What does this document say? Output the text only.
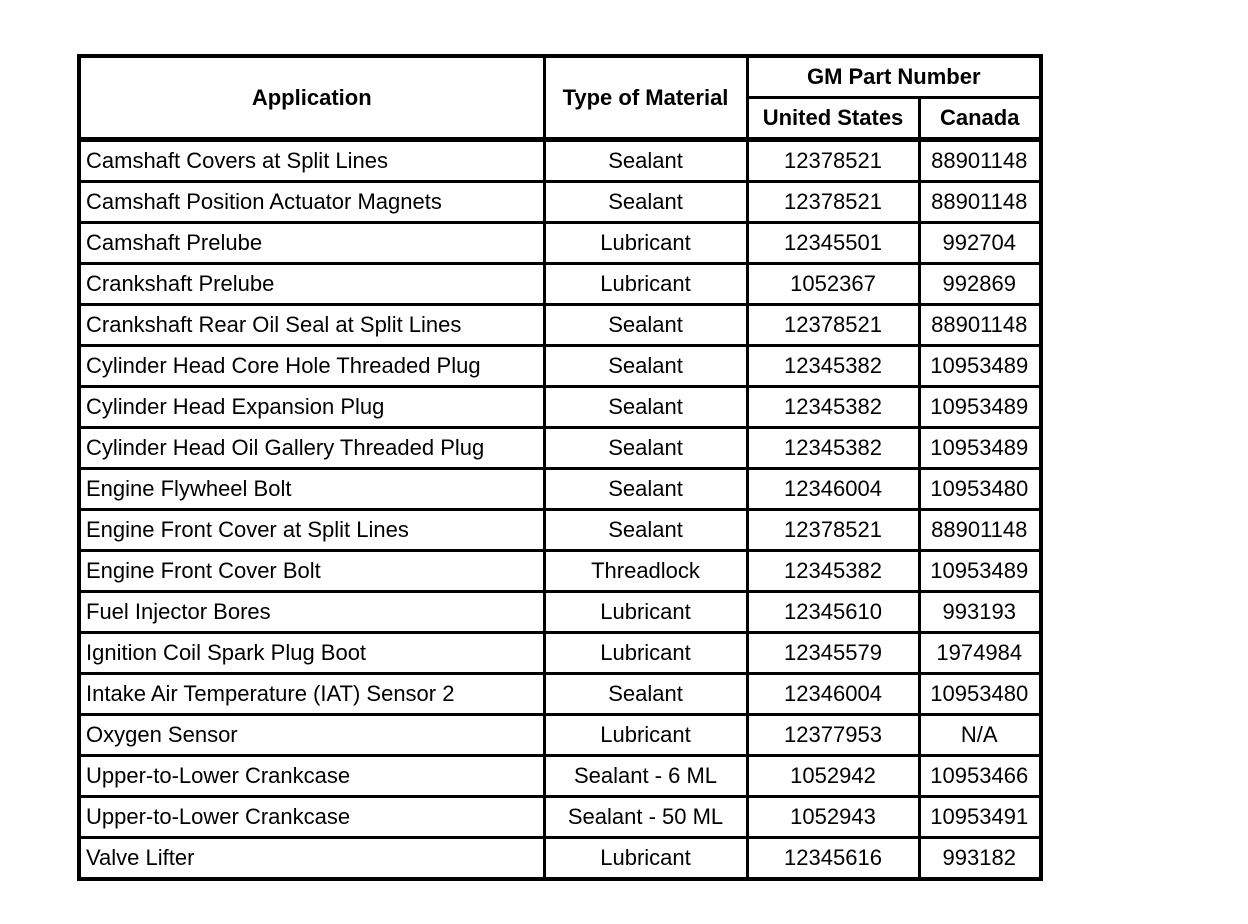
Application	Type of Material	GM Part Number	
		United States	Canada
Camshaft Covers at Split Lines	Sealant	12378521	88901148
Camshaft Position Actuator Magnets	Sealant	12378521	88901148
Camshaft Prelube	Lubricant	12345501	992704
Crankshaft Prelube	Lubricant	1052367	992869
Crankshaft Rear Oil Seal at Split Lines	Sealant	12378521	88901148
Cylinder Head Core Hole Threaded Plug	Sealant	12345382	10953489
Cylinder Head Expansion Plug	Sealant	12345382	10953489
Cylinder Head Oil Gallery Threaded Plug	Sealant	12345382	10953489
Engine Flywheel Bolt	Sealant	12346004	10953480
Engine Front Cover at Split Lines	Sealant	12378521	88901148
Engine Front Cover Bolt	Threadlock	12345382	10953489
Fuel Injector Bores	Lubricant	12345610	993193
Ignition Coil Spark Plug Boot	Lubricant	12345579	1974984
Intake Air Temperature (IAT) Sensor 2	Sealant	12346004	10953480
Oxygen Sensor	Lubricant	12377953	N/A
Upper-to-Lower Crankcase	Sealant - 6 ML	1052942	10953466
Upper-to-Lower Crankcase	Sealant - 50 ML	1052943	10953491
Valve Lifter	Lubricant	12345616	993182
